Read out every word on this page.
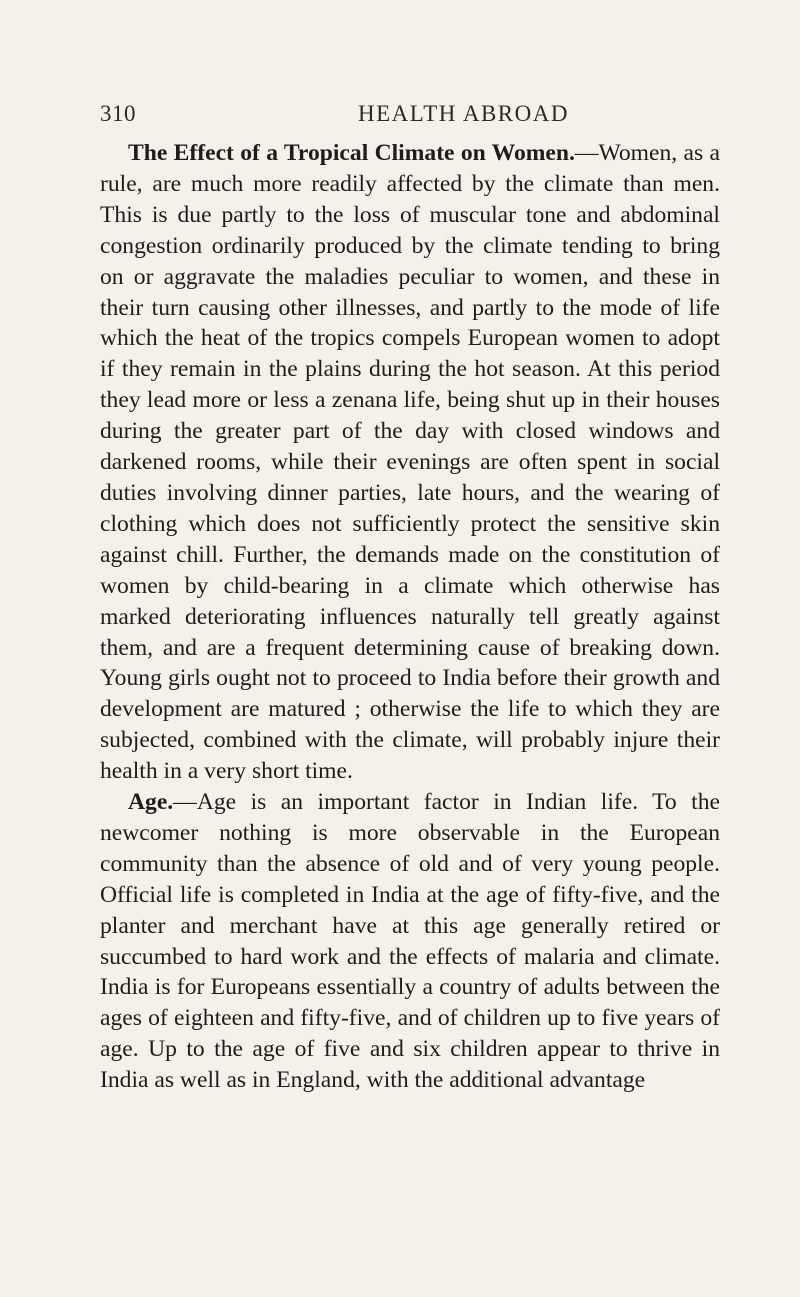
310	HEALTH ABROAD

The Effect of a Tropical Climate on Women.—Women, as a rule, are much more readily affected by the climate than men. This is due partly to the loss of muscular tone and abdominal congestion ordinarily produced by the climate tending to bring on or aggravate the maladies peculiar to women, and these in their turn causing other illnesses, and partly to the mode of life which the heat of the tropics compels European women to adopt if they remain in the plains during the hot season. At this period they lead more or less a zenana life, being shut up in their houses during the greater part of the day with closed windows and darkened rooms, while their evenings are often spent in social duties involving dinner parties, late hours, and the wearing of clothing which does not sufficiently protect the sensitive skin against chill. Further, the demands made on the constitution of women by child-bearing in a climate which otherwise has marked deteriorating influences naturally tell greatly against them, and are a frequent determining cause of breaking down. Young girls ought not to proceed to India before their growth and development are matured ; otherwise the life to which they are subjected, combined with the climate, will probably injure their health in a very short time.

Age.—Age is an important factor in Indian life. To the newcomer nothing is more observable in the European community than the absence of old and of very young people. Official life is completed in India at the age of fifty-five, and the planter and merchant have at this age generally retired or succumbed to hard work and the effects of malaria and climate. India is for Europeans essentially a country of adults between the ages of eighteen and fifty-five, and of children up to five years of age. Up to the age of five and six children appear to thrive in India as well as in England, with the additional advantage
